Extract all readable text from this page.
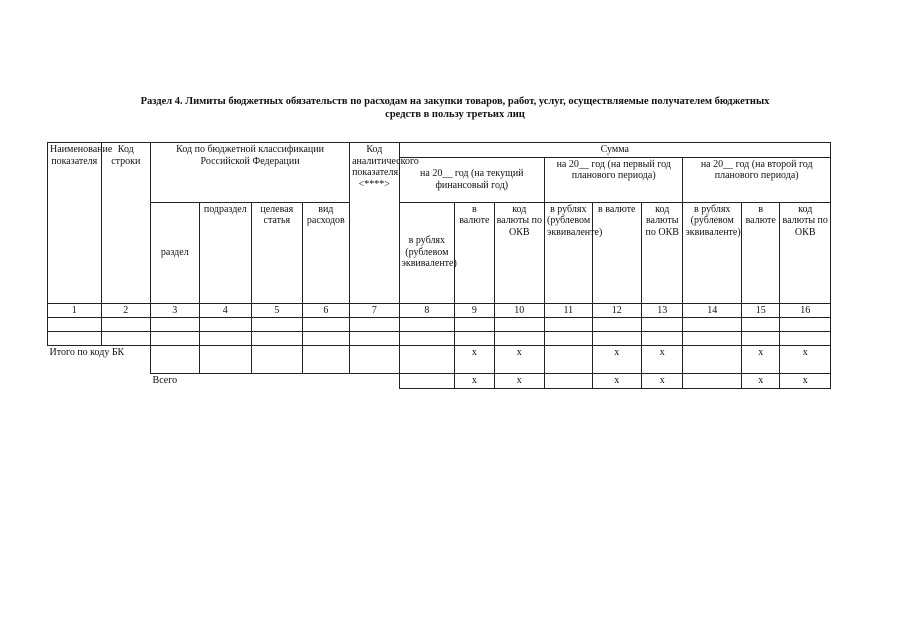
Раздел 4. Лимиты бюджетных обязательств по расходам на закупки товаров, работ, услуг, осуществляемые получателем бюджетных
средств в пользу третьих лиц
Наименование показателя	Код строки	Код по бюджетной классификации Российской Федерации				Код аналитического показателя <****>	Сумма								
							на 20__ год (на текущий финансовый год)			на 20__ год (на первый год планового периода)			на 20__ год (на второй год планового периода)		
		раздел	подраздел	целевая статья	вид расходов		в рублях (рублевом эквиваленте)	в валюте	код валюты по ОКВ	в рублях (рублевом эквиваленте)	в валюте	код валюты по ОКВ	в рублях (рублевом эквиваленте)	в валюте	код валюты по ОКВ
1	2	3	4	5	6	7	8	9	10	11	12	13	14	15	16

Итого по коду БК								x	x		x	x		x	x
		Всего						x	x		x	x		x	x
